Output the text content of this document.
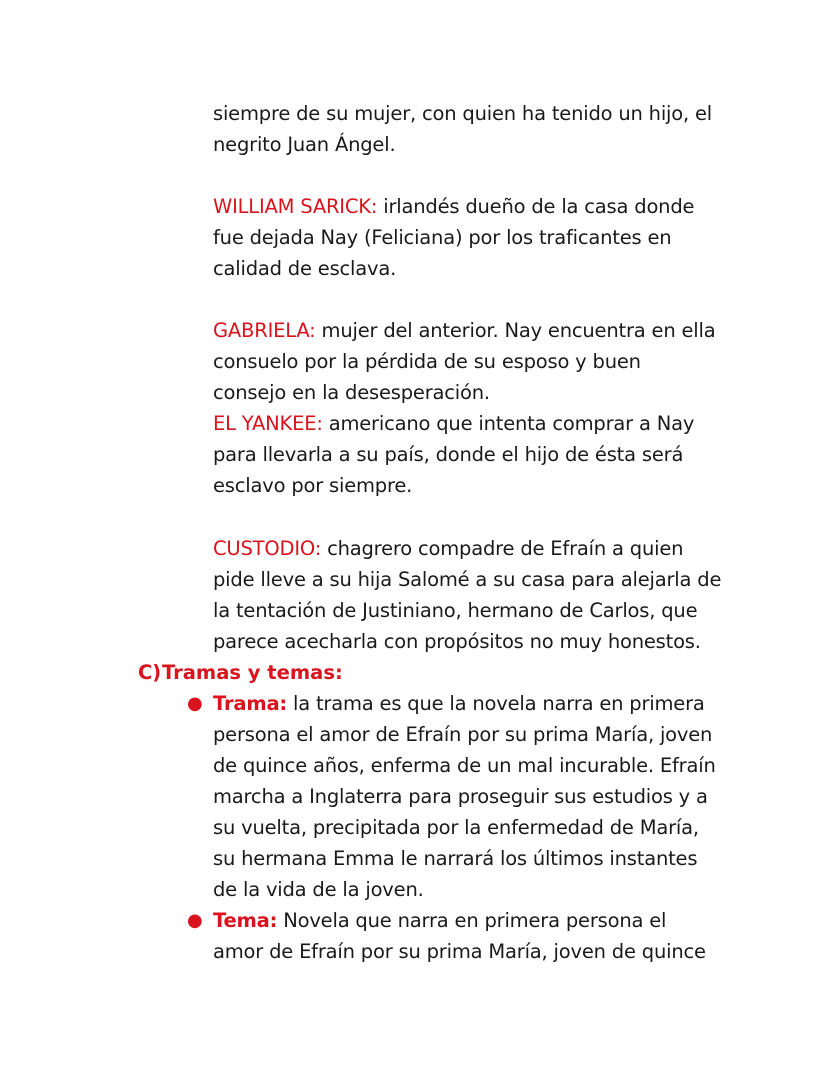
siempre de su mujer, con quien ha tenido un hijo, el
negrito Juan Ángel.
WILLIAM SARICK: irlandés dueño de la casa donde
fue dejada Nay (Feliciana) por los traficantes en
calidad de esclava.
GABRIELA: mujer del anterior. Nay encuentra en ella
consuelo por la pérdida de su esposo y buen
consejo en la desesperación.
EL YANKEE: americano que intenta comprar a Nay
para llevarla a su país, donde el hijo de ésta será
esclavo por siempre.
CUSTODIO: chagrero compadre de Efraín a quien
pide lleve a su hija Salomé a su casa para alejarla de
la tentación de Justiniano, hermano de Carlos, que
parece acecharla con propósitos no muy honestos.
C)Tramas y temas:
● Trama: la trama es que la novela narra en primera
persona el amor de Efraín por su prima María, joven
de quince años, enferma de un mal incurable. Efraín
marcha a Inglaterra para proseguir sus estudios y a
su vuelta, precipitada por la enfermedad de María,
su hermana Emma le narrará los últimos instantes
de la vida de la joven.
● Tema: Novela que narra en primera persona el
amor de Efraín por su prima María, joven de quince
